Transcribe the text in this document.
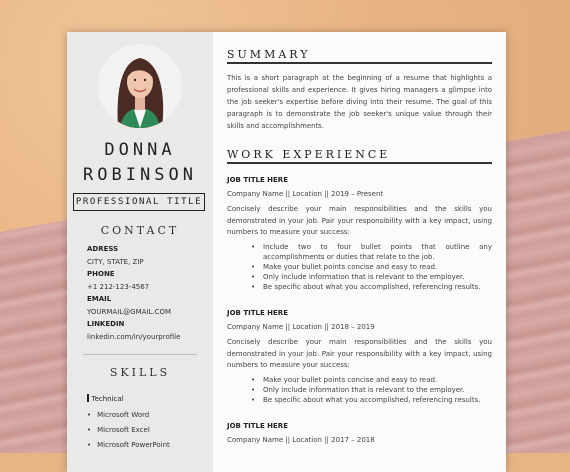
DONNA
ROBINSON
PROFESSIONAL TITLE
CONTACT
ADRESS
CITY, STATE, ZIP
PHONE
+1 212-123-4567
EMAIL
YOURMAIL@GMAIL.COM
LINKEDIN
linkedin.com/in/yourprofile
SKILLS
Technical
• Microsoft Word
• Microsoft Excel
• Microsoft PowerPoint
SUMMARY
This is a short paragraph at the beginning of a resume that highlights a professional skills and experience. It gives hiring managers a glimpse into the job seeker's expertise before diving into their resume. The goal of this paragraph is to demonstrate the job seeker's unique value through their skills and accomplishments.
WORK EXPERIENCE
JOB TITLE HERE
Company Name || Location || 2019 – Present
Concisely describe your main responsibilities and the skills you demonstrated in your job. Pair your responsibility with a key impact, using numbers to measure your success:
• Include two to four bullet points that outline any accomplishments or duties that relate to the job.
• Make your bullet points concise and easy to read.
• Only include information that is relevant to the employer.
• Be specific about what you accomplished, referencing results.
JOB TITLE HERE
Company Name || Location || 2018 – 2019
Concisely describe your main responsibilities and the skills you demonstrated in your job. Pair your responsibility with a key impact, using numbers to measure your success:
• Make your bullet points concise and easy to read.
• Only include information that is relevant to the employer.
• Be specific about what you accomplished, referencing results.
JOB TITLE HERE
Company Name || Location || 2017 – 2018
